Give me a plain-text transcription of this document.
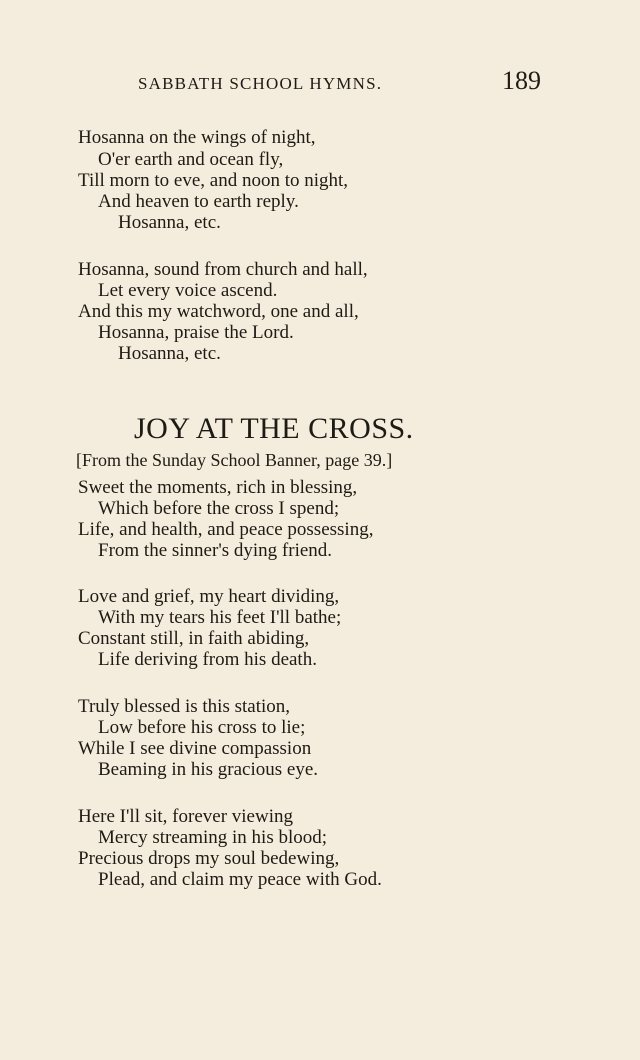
SABBATH SCHOOL HYMNS.	189
Hosanna on the wings of night,
O'er earth and ocean fly,
Till morn to eve, and noon to night,
And heaven to earth reply.
Hosanna, etc.
Hosanna, sound from church and hall,
Let every voice ascend.
And this my watchword, one and all,
Hosanna, praise the Lord.
Hosanna, etc.
JOY AT THE CROSS.
[From the Sunday School Banner, page 39.]
Sweet the moments, rich in blessing,
Which before the cross I spend;
Life, and health, and peace possessing,
From the sinner's dying friend.
Love and grief, my heart dividing,
With my tears his feet I'll bathe;
Constant still, in faith abiding,
Life deriving from his death.
Truly blessed is this station,
Low before his cross to lie;
While I see divine compassion
Beaming in his gracious eye.
Here I'll sit, forever viewing
Mercy streaming in his blood;
Precious drops my soul bedewing,
Plead, and claim my peace with God.
